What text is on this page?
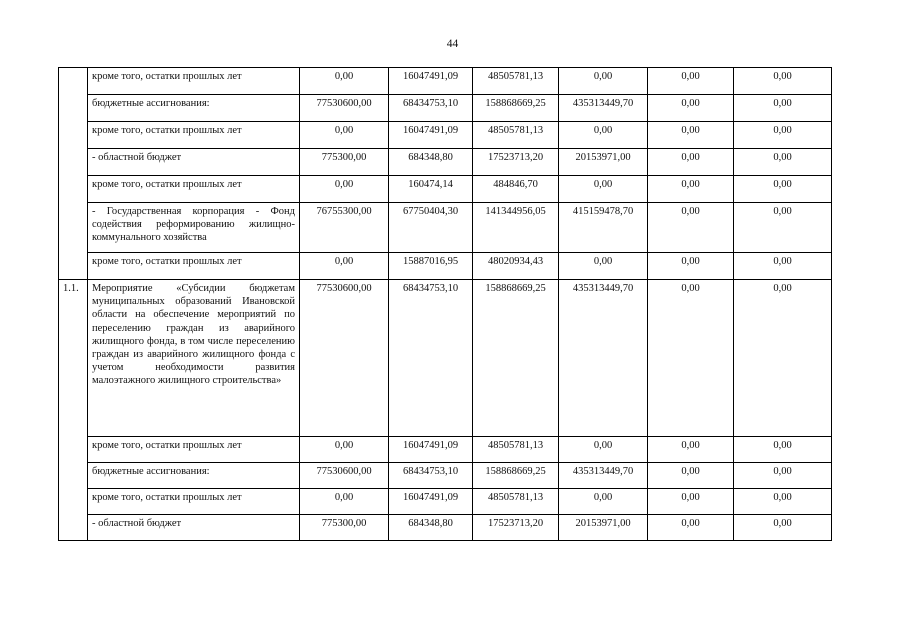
44
	кроме того, остатки прошлых лет	0,00	16047491,09	48505781,13	0,00	0,00	0,00
	бюджетные ассигнования:	77530600,00	68434753,10	158868669,25	435313449,70	0,00	0,00
	кроме того, остатки прошлых лет	0,00	16047491,09	48505781,13	0,00	0,00	0,00
	- областной бюджет	775300,00	684348,80	17523713,20	20153971,00	0,00	0,00
	кроме того, остатки прошлых лет	0,00	160474,14	484846,70	0,00	0,00	0,00
	- Государственная корпорация - Фонд содействия реформированию жилищно-коммунального хозяйства	76755300,00	67750404,30	141344956,05	415159478,70	0,00	0,00
	кроме того, остатки прошлых лет	0,00	15887016,95	48020934,43	0,00	0,00	0,00
1.1.	Мероприятие «Субсидии бюджетам муниципальных образований Ивановской области на обеспечение мероприятий по переселению граждан из аварийного жилищного фонда, в том числе переселению граждан из аварийного жилищного фонда с учетом необходимости развития малоэтажного жилищного строительства»	77530600,00	68434753,10	158868669,25	435313449,70	0,00	0,00
	кроме того, остатки прошлых лет	0,00	16047491,09	48505781,13	0,00	0,00	0,00
	бюджетные ассигнования:	77530600,00	68434753,10	158868669,25	435313449,70	0,00	0,00
	кроме того, остатки прошлых лет	0,00	16047491,09	48505781,13	0,00	0,00	0,00
	- областной бюджет	775300,00	684348,80	17523713,20	20153971,00	0,00	0,00
